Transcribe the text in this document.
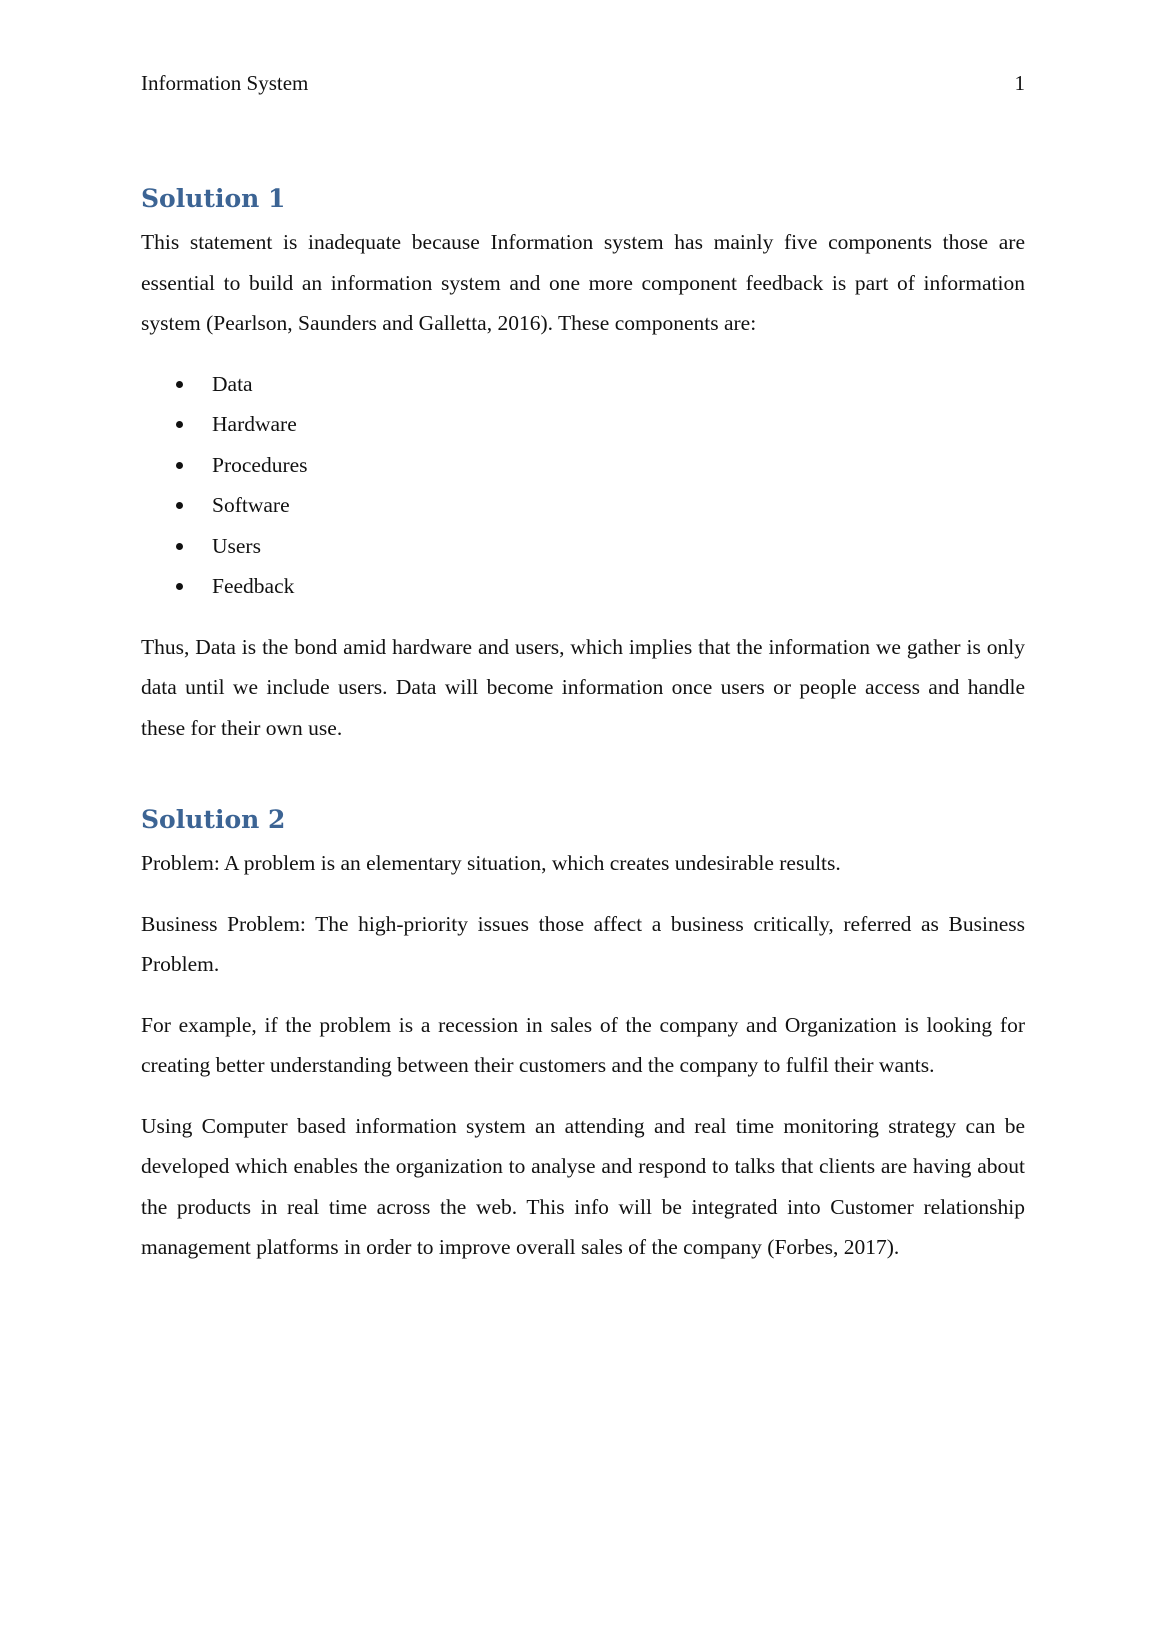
Information System	1
Solution 1

This statement is inadequate because Information system has mainly five components those are essential to build an information system and one more component feedback is part of information system (Pearlson, Saunders and Galletta, 2016). These components are:

Data
Hardware
Procedures
Software
Users
Feedback

Thus, Data is the bond amid hardware and users, which implies that the information we gather is only data until we include users. Data will become information once users or people access and handle these for their own use.

Solution 2

Problem: A problem is an elementary situation, which creates undesirable results.

Business Problem: The high-priority issues those affect a business critically, referred as Business Problem.

For example, if the problem is a recession in sales of the company and Organization is looking for creating better understanding between their customers and the company to fulfil their wants.

Using Computer based information system an attending and real time monitoring strategy can be developed which enables the organization to analyse and respond to talks that clients are having about the products in real time across the web. This info will be integrated into Customer relationship management platforms in order to improve overall sales of the company (Forbes, 2017).
